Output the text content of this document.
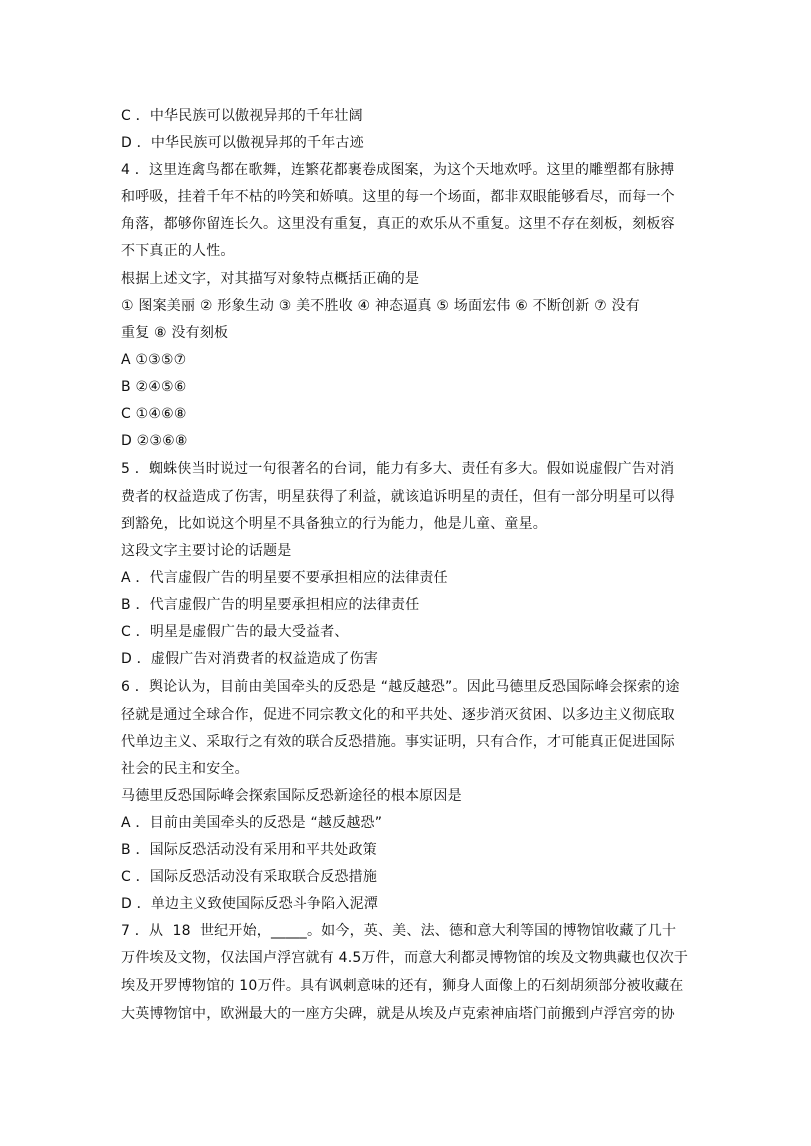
C ．中华民族可以傲视异邦的千年壮阔
D ．中华民族可以傲视异邦的千年古迹
4 ．这里连禽鸟都在歌舞，连繁花都裹卷成图案，为这个天地欢呼。这里的雕塑都有脉搏
和呼吸，挂着千年不枯的吟笑和娇嗔。这里的每一个场面，都非双眼能够看尽，而每一个
角落，都够你留连长久。这里没有重复，真正的欢乐从不重复。这里不存在刻板，刻板容
不下真正的人性。
根据上述文字，对其描写对象特点概括正确的是
① 图案美丽 ② 形象生动 ③ 美不胜收 ④ 神态逼真 ⑤ 场面宏伟 ⑥ 不断创新 ⑦ 没有
重复 ⑧ 没有刻板
A ①③⑤⑦
B ②④⑤⑥
C ①④⑥⑧
D ②③⑥⑧
5 ．蜘蛛侠当时说过一句很著名的台词，能力有多大、责任有多大。假如说虚假广告对消
费者的权益造成了伤害，明星获得了利益，就该追诉明星的责任，但有一部分明星可以得
到豁免，比如说这个明星不具备独立的行为能力，他是儿童、童星。
这段文字主要讨论的话题是
A ．代言虚假广告的明星要不要承担相应的法律责任
B ．代言虚假广告的明星要承担相应的法律责任
C ．明星是虚假广告的最大受益者、
D ．虚假广告对消费者的权益造成了伤害
6 ．舆论认为，目前由美国牵头的反恐是 “越反越恐”。因此马德里反恐国际峰会探索的途
径就是通过全球合作，促进不同宗教文化的和平共处、逐步消灭贫困、以多边主义彻底取
代单边主义、采取行之有效的联合反恐措施。事实证明，只有合作，才可能真正促进国际
社会的民主和安全。
马德里反恐国际峰会探索国际反恐新途径的根本原因是
A ．目前由美国牵头的反恐是 “越反越恐”
B ．国际反恐活动没有采用和平共处政策
C ．国际反恐活动没有采取联合反恐措施
D ．单边主义致使国际反恐斗争陷入泥潭
7 ．从  18  世纪开始，_____。如今，英、美、法、德和意大利等国的博物馆收藏了几十
万件埃及文物，仅法国卢浮宫就有 4.5万件，而意大利都灵博物馆的埃及文物典藏也仅次于
埃及开罗博物馆的 10万件。具有讽刺意味的还有，狮身人面像上的石刻胡须部分被收藏在
大英博物馆中，欧洲最大的一座方尖碑，就是从埃及卢克索神庙塔门前搬到卢浮宫旁的协
